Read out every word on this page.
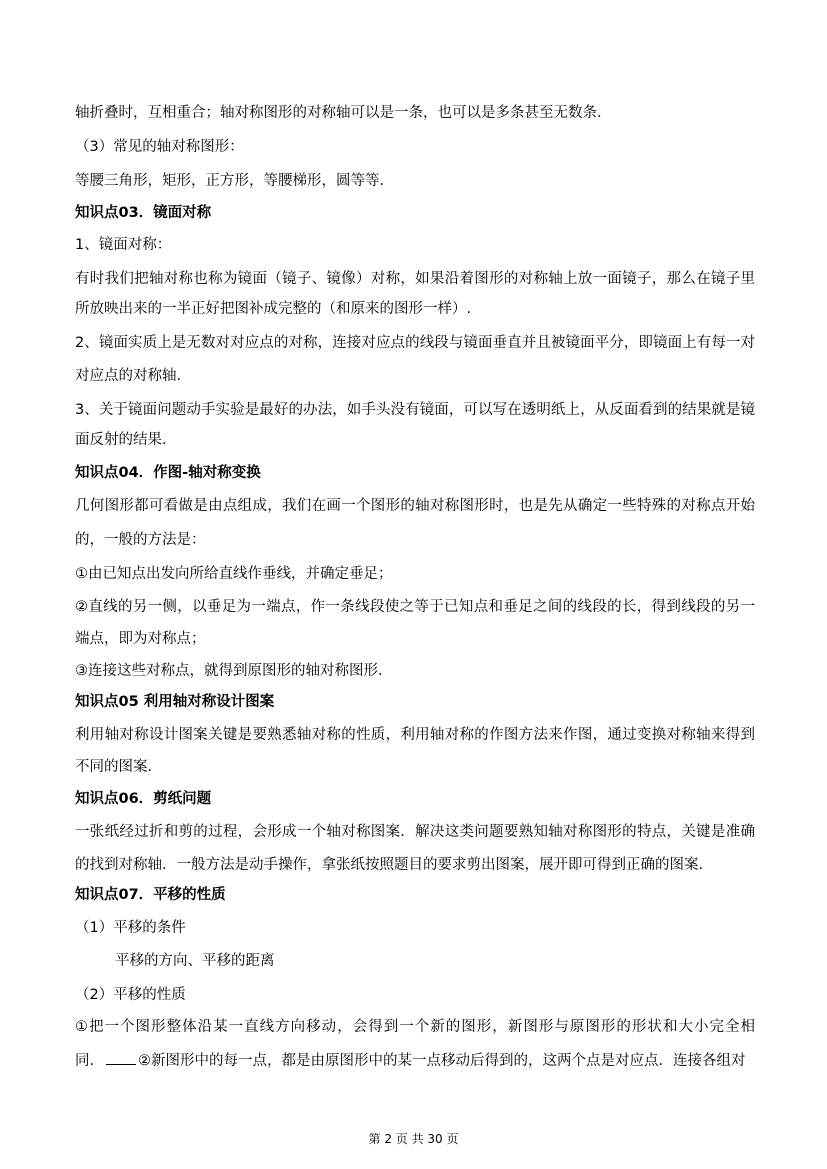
轴折叠时，互相重合；轴对称图形的对称轴可以是一条，也可以是多条甚至无数条．
（3）常见的轴对称图形：
等腰三角形，矩形，正方形，等腰梯形，圆等等．
知识点03．镜面对称
1、镜面对称：
有时我们把轴对称也称为镜面（镜子、镜像）对称，如果沿着图形的对称轴上放一面镜子，那么在镜子里
所放映出来的一半正好把图补成完整的（和原来的图形一样）.
2、镜面实质上是无数对对应点的对称，连接对应点的线段与镜面垂直并且被镜面平分，即镜面上有每一对
对应点的对称轴．
3、关于镜面问题动手实验是最好的办法，如手头没有镜面，可以写在透明纸上，从反面看到的结果就是镜
面反射的结果．
知识点04．作图-轴对称变换
几何图形都可看做是由点组成，我们在画一个图形的轴对称图形时，也是先从确定一些特殊的对称点开始
的，一般的方法是：
①由已知点出发向所给直线作垂线，并确定垂足；
②直线的另一侧，以垂足为一端点，作一条线段使之等于已知点和垂足之间的线段的长，得到线段的另一
端点，即为对称点；
③连接这些对称点，就得到原图形的轴对称图形．
知识点05 利用轴对称设计图案
利用轴对称设计图案关键是要熟悉轴对称的性质，利用轴对称的作图方法来作图，通过变换对称轴来得到
不同的图案．
知识点06．剪纸问题
一张纸经过折和剪的过程，会形成一个轴对称图案．解决这类问题要熟知轴对称图形的特点，关键是准确
的找到对称轴．一般方法是动手操作，拿张纸按照题目的要求剪出图案，展开即可得到正确的图案．
知识点07．平移的性质
（1）平移的条件
平移的方向、平移的距离
（2）平移的性质
①把一个图形整体沿某一直线方向移动，会得到一个新的图形，新图形与原图形的形状和大小完全相
同． ②新图形中的每一点，都是由原图形中的某一点移动后得到的，这两个点是对应点．连接各组对
第 2 页 共 30 页
